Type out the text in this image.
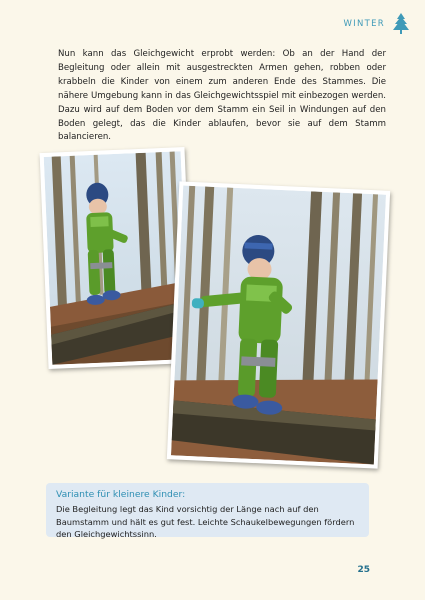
WINTER

Nun kann das Gleichgewicht erprobt werden: Ob an der Hand der Begleitung oder allein mit ausgestreckten Armen gehen, robben oder krabbeln die Kinder von einem zum anderen Ende des Stammes. Die nähere Umgebung kann in das Gleichgewichtsspiel mit einbezogen werden. Dazu wird auf dem Boden vor dem Stamm ein Seil in Windungen auf den Boden gelegt, das die Kinder ablaufen, bevor sie auf dem Stamm balancieren.

Variante für kleinere Kinder:

Die Begleitung legt das Kind vorsichtig der Länge nach auf den Baumstamm und hält es gut fest. Leichte Schaukelbewegungen fördern den Gleichgewichtssinn.

25
